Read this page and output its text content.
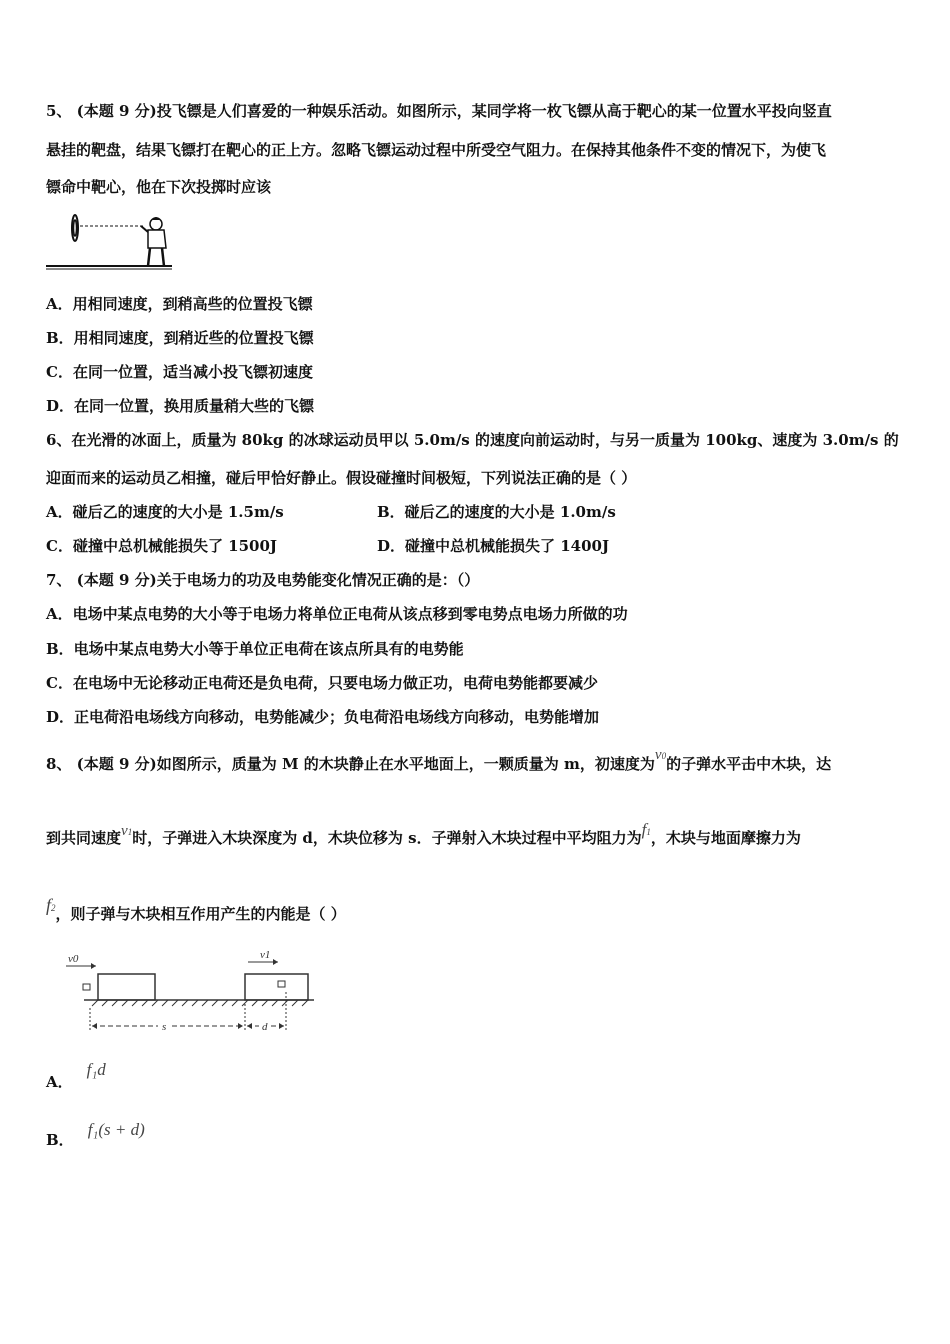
5、 (本题 9 分)投飞镖是人们喜爱的一种娱乐活动。如图所示，某同学将一枚飞镖从高于靶心的某一位置水平投向竖直
悬挂的靶盘，结果飞镖打在靶心的正上方。忽略飞镖运动过程中所受空气阻力。在保持其他条件不变的情况下，为使飞
镖命中靶心，他在下次投掷时应该
A．用相同速度，到稍高些的位置投飞镖
B．用相同速度，到稍近些的位置投飞镖
C．在同一位置，适当减小投飞镖初速度
D．在同一位置，换用质量稍大些的飞镖
6、在光滑的冰面上，质量为 80kg 的冰球运动员甲以 5.0m/s 的速度向前运动时，与另一质量为 100kg、速度为 3.0m/s 的
迎面而来的运动员乙相撞，碰后甲恰好静止。假设碰撞时间极短，下列说法正确的是（ ）
A．碰后乙的速度的大小是 1.5m/s	B．碰后乙的速度的大小是 1.0m/s
C．碰撞中总机械能损失了 1500J	D．碰撞中总机械能损失了 1400J
7、 (本题 9 分)关于电场力的功及电势能变化情况正确的是：（）
A．电场中某点电势的大小等于电场力将单位正电荷从该点移到零电势点电场力所做的功
B．电场中某点电势大小等于单位正电荷在该点所具有的电势能
C．在电场中无论移动正电荷还是负电荷，只要电场力做正功，电荷电势能都要减少
D．正电荷沿电场线方向移动，电势能减少；负电荷沿电场线方向移动，电势能增加
8、 (本题 9 分)如图所示，质量为 M 的木块静止在水平地面上，一颗质量为 m，初速度为v0的子弹水平击中木块，达
到共同速度v1时，子弹进入木块深度为 d，木块位移为 s．子弹射入木块过程中平均阻力为f1，木块与地面摩擦力为
f2，则子弹与木块相互作用产生的内能是（ ）
v0	v1
s	d
A．f₁d
B．f₁(s + d)
